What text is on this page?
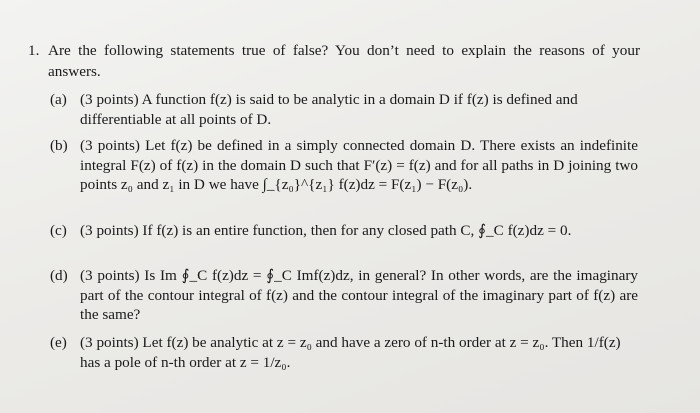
1. Are the following statements true of false? You don’t need to explain the reasons of your answers.
(a) (3 points) A function f(z) is said to be analytic in a domain D if f(z) is defined and differentiable at all points of D.
(b) (3 points) Let f(z) be defined in a simply connected domain D. There exists an indefinite integral F(z) of f(z) in the domain D such that F′(z) = f(z) and for all paths in D joining two points z₀ and z₁ in D we have ∫_{z₀}^{z₁} f(z)dz = F(z₁) − F(z₀).
(c) (3 points) If f(z) is an entire function, then for any closed path C, ∮_C f(z)dz = 0.
(d) (3 points) Is Im ∮_C f(z)dz = ∮_C Imf(z)dz, in general? In other words, are the imaginary part of the contour integral of f(z) and the contour integral of the imaginary part of f(z) are the same?
(e) (3 points) Let f(z) be analytic at z = z₀ and have a zero of n-th order at z = z₀. Then 1/f(z) has a pole of n-th order at z = 1/z₀.
